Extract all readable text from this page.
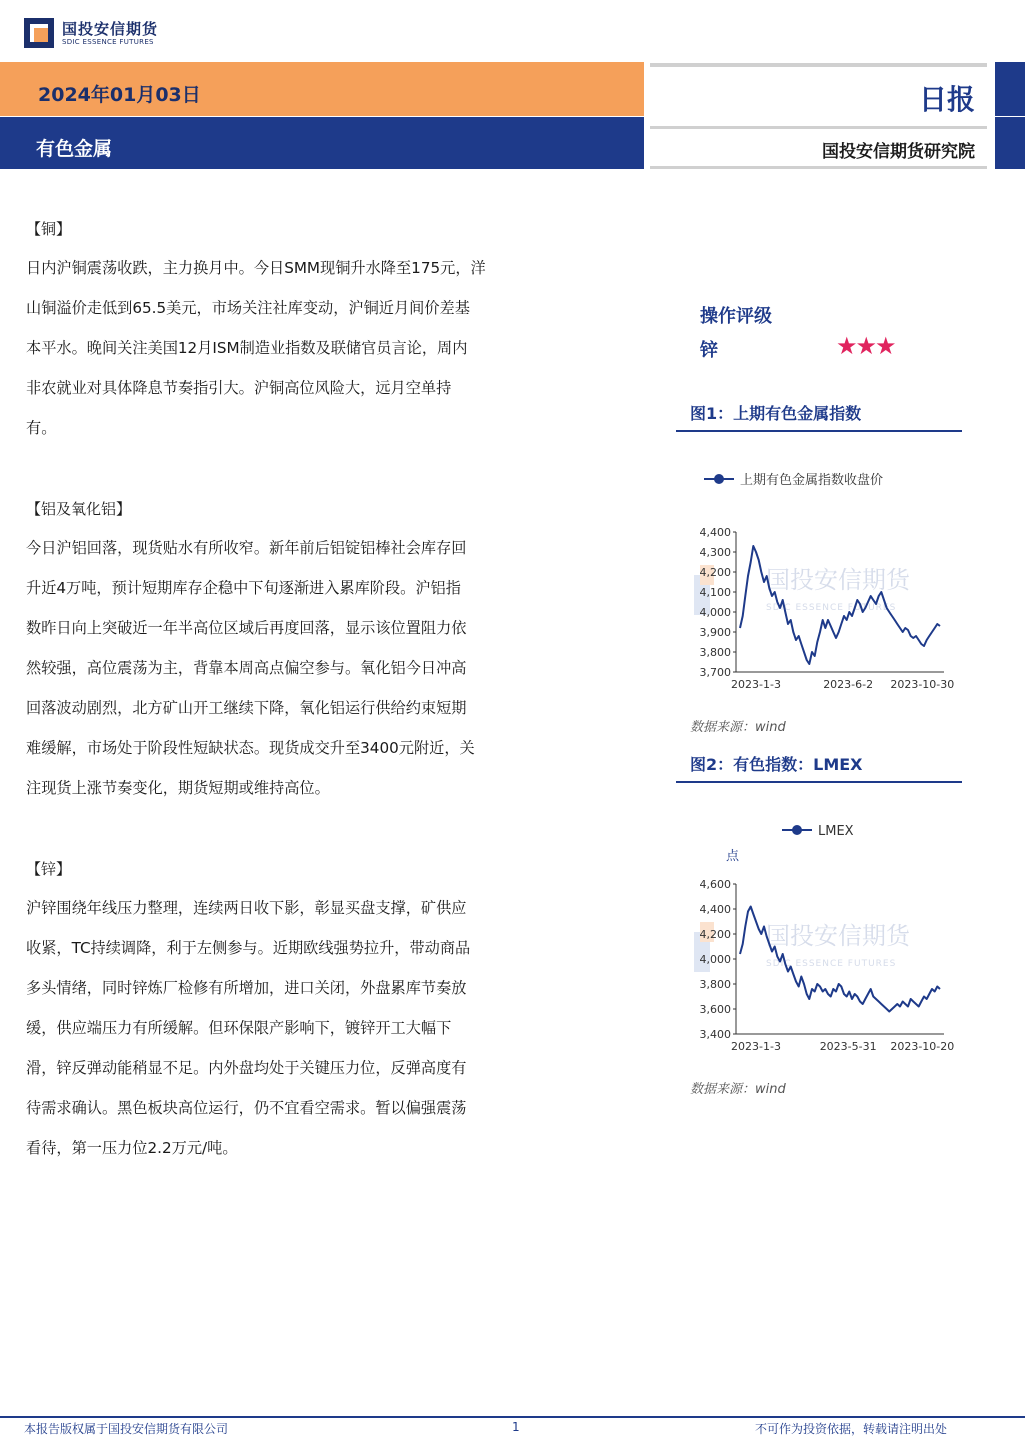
国投安信期货
SDIC ESSENCE FUTURES
2024年01月03日
有色金属
日报
国投安信期货研究院
【铜】
日内沪铜震荡收跌，主力换月中。今日SMM现铜升水降至175元，洋
山铜溢价走低到65.5美元，市场关注社库变动，沪铜近月间价差基
本平水。晚间关注美国12月ISM制造业指数及联储官员言论，周内
非农就业对具体降息节奏指引大。沪铜高位风险大，远月空单持
有。
【铝及氧化铝】
今日沪铝回落，现货贴水有所收窄。新年前后铝锭铝棒社会库存回
升近4万吨，预计短期库存企稳中下旬逐渐进入累库阶段。沪铝指
数昨日向上突破近一年半高位区域后再度回落，显示该位置阻力依
然较强，高位震荡为主，背靠本周高点偏空参与。氧化铝今日冲高
回落波动剧烈，北方矿山开工继续下降，氧化铝运行供给约束短期
难缓解，市场处于阶段性短缺状态。现货成交升至3400元附近，关
注现货上涨节奏变化，期货短期或维持高位。
【锌】
沪锌围绕年线压力整理，连续两日收下影，彰显买盘支撑，矿供应
收紧，TC持续调降，利于左侧参与。近期欧线强势拉升，带动商品
多头情绪，同时锌炼厂检修有所增加，进口关闭，外盘累库节奏放
缓，供应端压力有所缓解。但环保限产影响下，镀锌开工大幅下
滑，锌反弹动能稍显不足。内外盘均处于关键压力位，反弹高度有
待需求确认。黑色板块高位运行，仍不宜看空需求。暂以偏强震荡
看待，第一压力位2.2万元/吨。
操作评级
锌	★★★
图1：上期有色金属指数
上期有色金属指数收盘价
国投安信期货
SDIC ESSENCE FUTURES
4,400
4,300
4,200
4,100
4,000
3,900
3,800
3,700
2023-1-3	2023-6-2 2023-10-30
数据来源：wind
图2：有色指数：LMEX
LMEX
点
国投安信期货
SDIC ESSENCE FUTURES
4,600
4,400
4,200
4,000
3,800
3,600
3,400
2023-1-3	2023-5-31 2023-10-20
数据来源：wind
本报告版权属于国投安信期货有限公司	1	不可作为投资依据，转载请注明出处
